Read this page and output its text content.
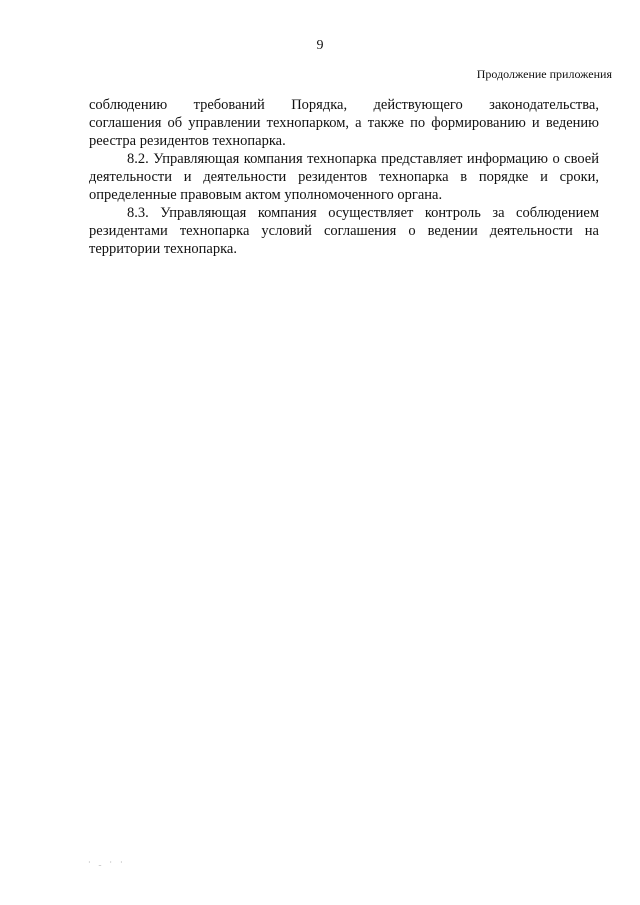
9
Продолжение приложения

соблюдению требований Порядка, действующего законодательства,
соглашения об управлении технопарком, а также по формированию и ведению реестра резидентов технопарка.

8.2. Управляющая компания технопарка представляет информацию о своей деятельности и деятельности резидентов технопарка в порядке и сроки, определенные правовым актом уполномоченного органа.

8.3. Управляющая компания осуществляет контроль за соблюдением резидентами технопарка условий соглашения о ведении деятельности на территории технопарка.

· ˍ · ·
